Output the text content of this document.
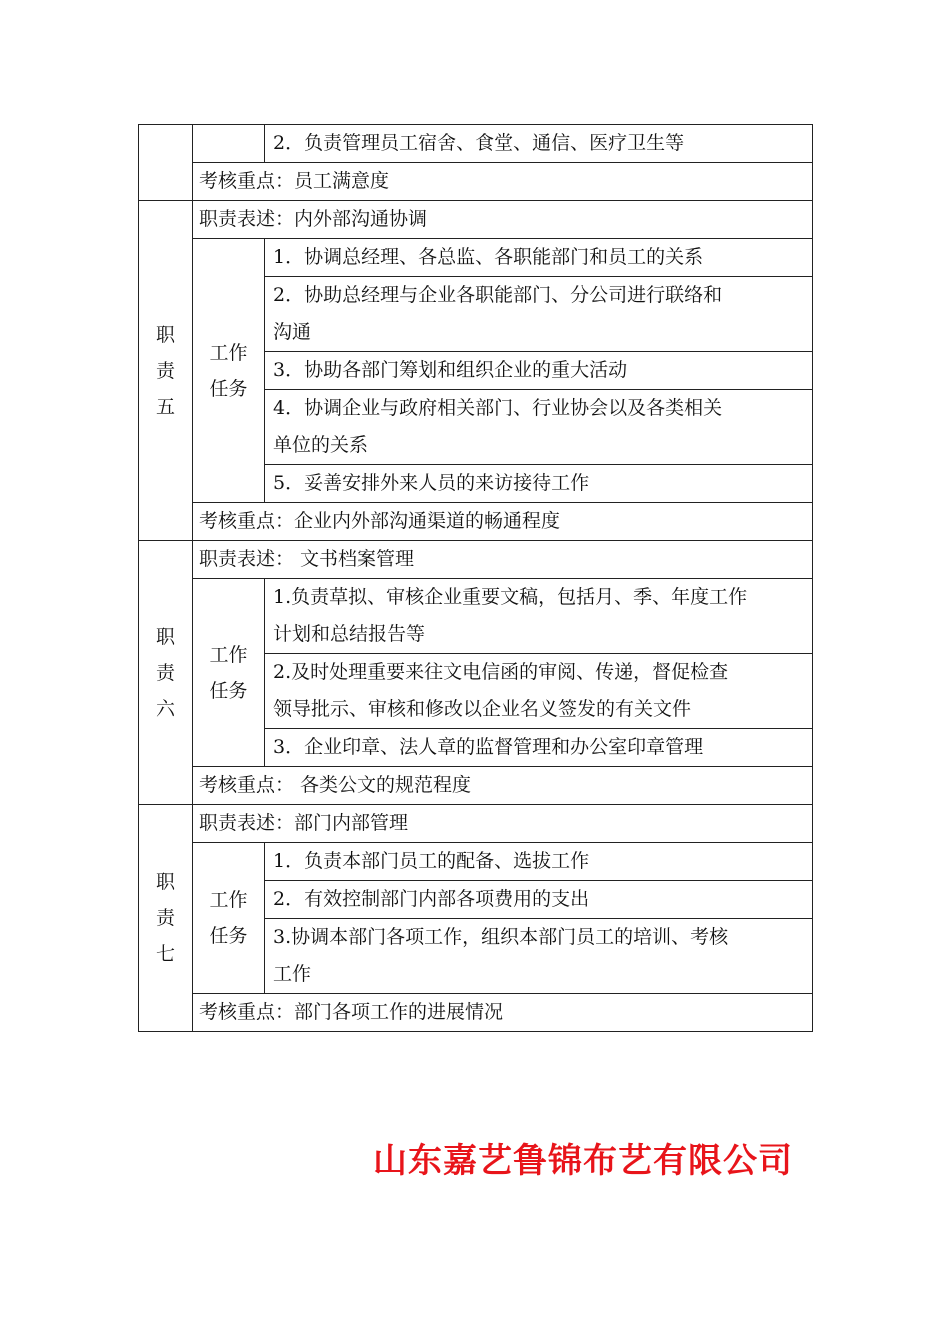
		2．负责管理员工宿舍、食堂、通信、医疗卫生等
	考核重点：员工满意度	

职
责
五	职责表述：内外部沟通协调	

	工作
任务	1．协调总经理、各总监、各职能部门和员工的关系

		2．协助总经理与企业各职能部门、分公司进行联络和
沟通

		3．协助各部门筹划和组织企业的重大活动

		4．协调企业与政府相关部门、行业协会以及各类相关
单位的关系

		5．妥善安排外来人员的来访接待工作
	考核重点：企业内外部沟通渠道的畅通程度	

职
责
六	职责表述： 文书档案管理	

	工作
任务	1.负责草拟、审核企业重要文稿，包括月、季、年度工作
计划和总结报告等

		2.及时处理重要来往文电信函的审阅、传递，督促检查
领导批示、审核和修改以企业名义签发的有关文件

		3．企业印章、法人章的监督管理和办公室印章管理
	考核重点： 各类公文的规范程度	

职
责
七	职责表述：部门内部管理	

	工作
任务	1．负责本部门员工的配备、选拔工作
		2．有效控制部门内部各项费用的支出

		3.协调本部门各项工作，组织本部门员工的培训、考核
工作

	考核重点：部门各项工作的进展情况	
山东嘉艺鲁锦布艺有限公司
